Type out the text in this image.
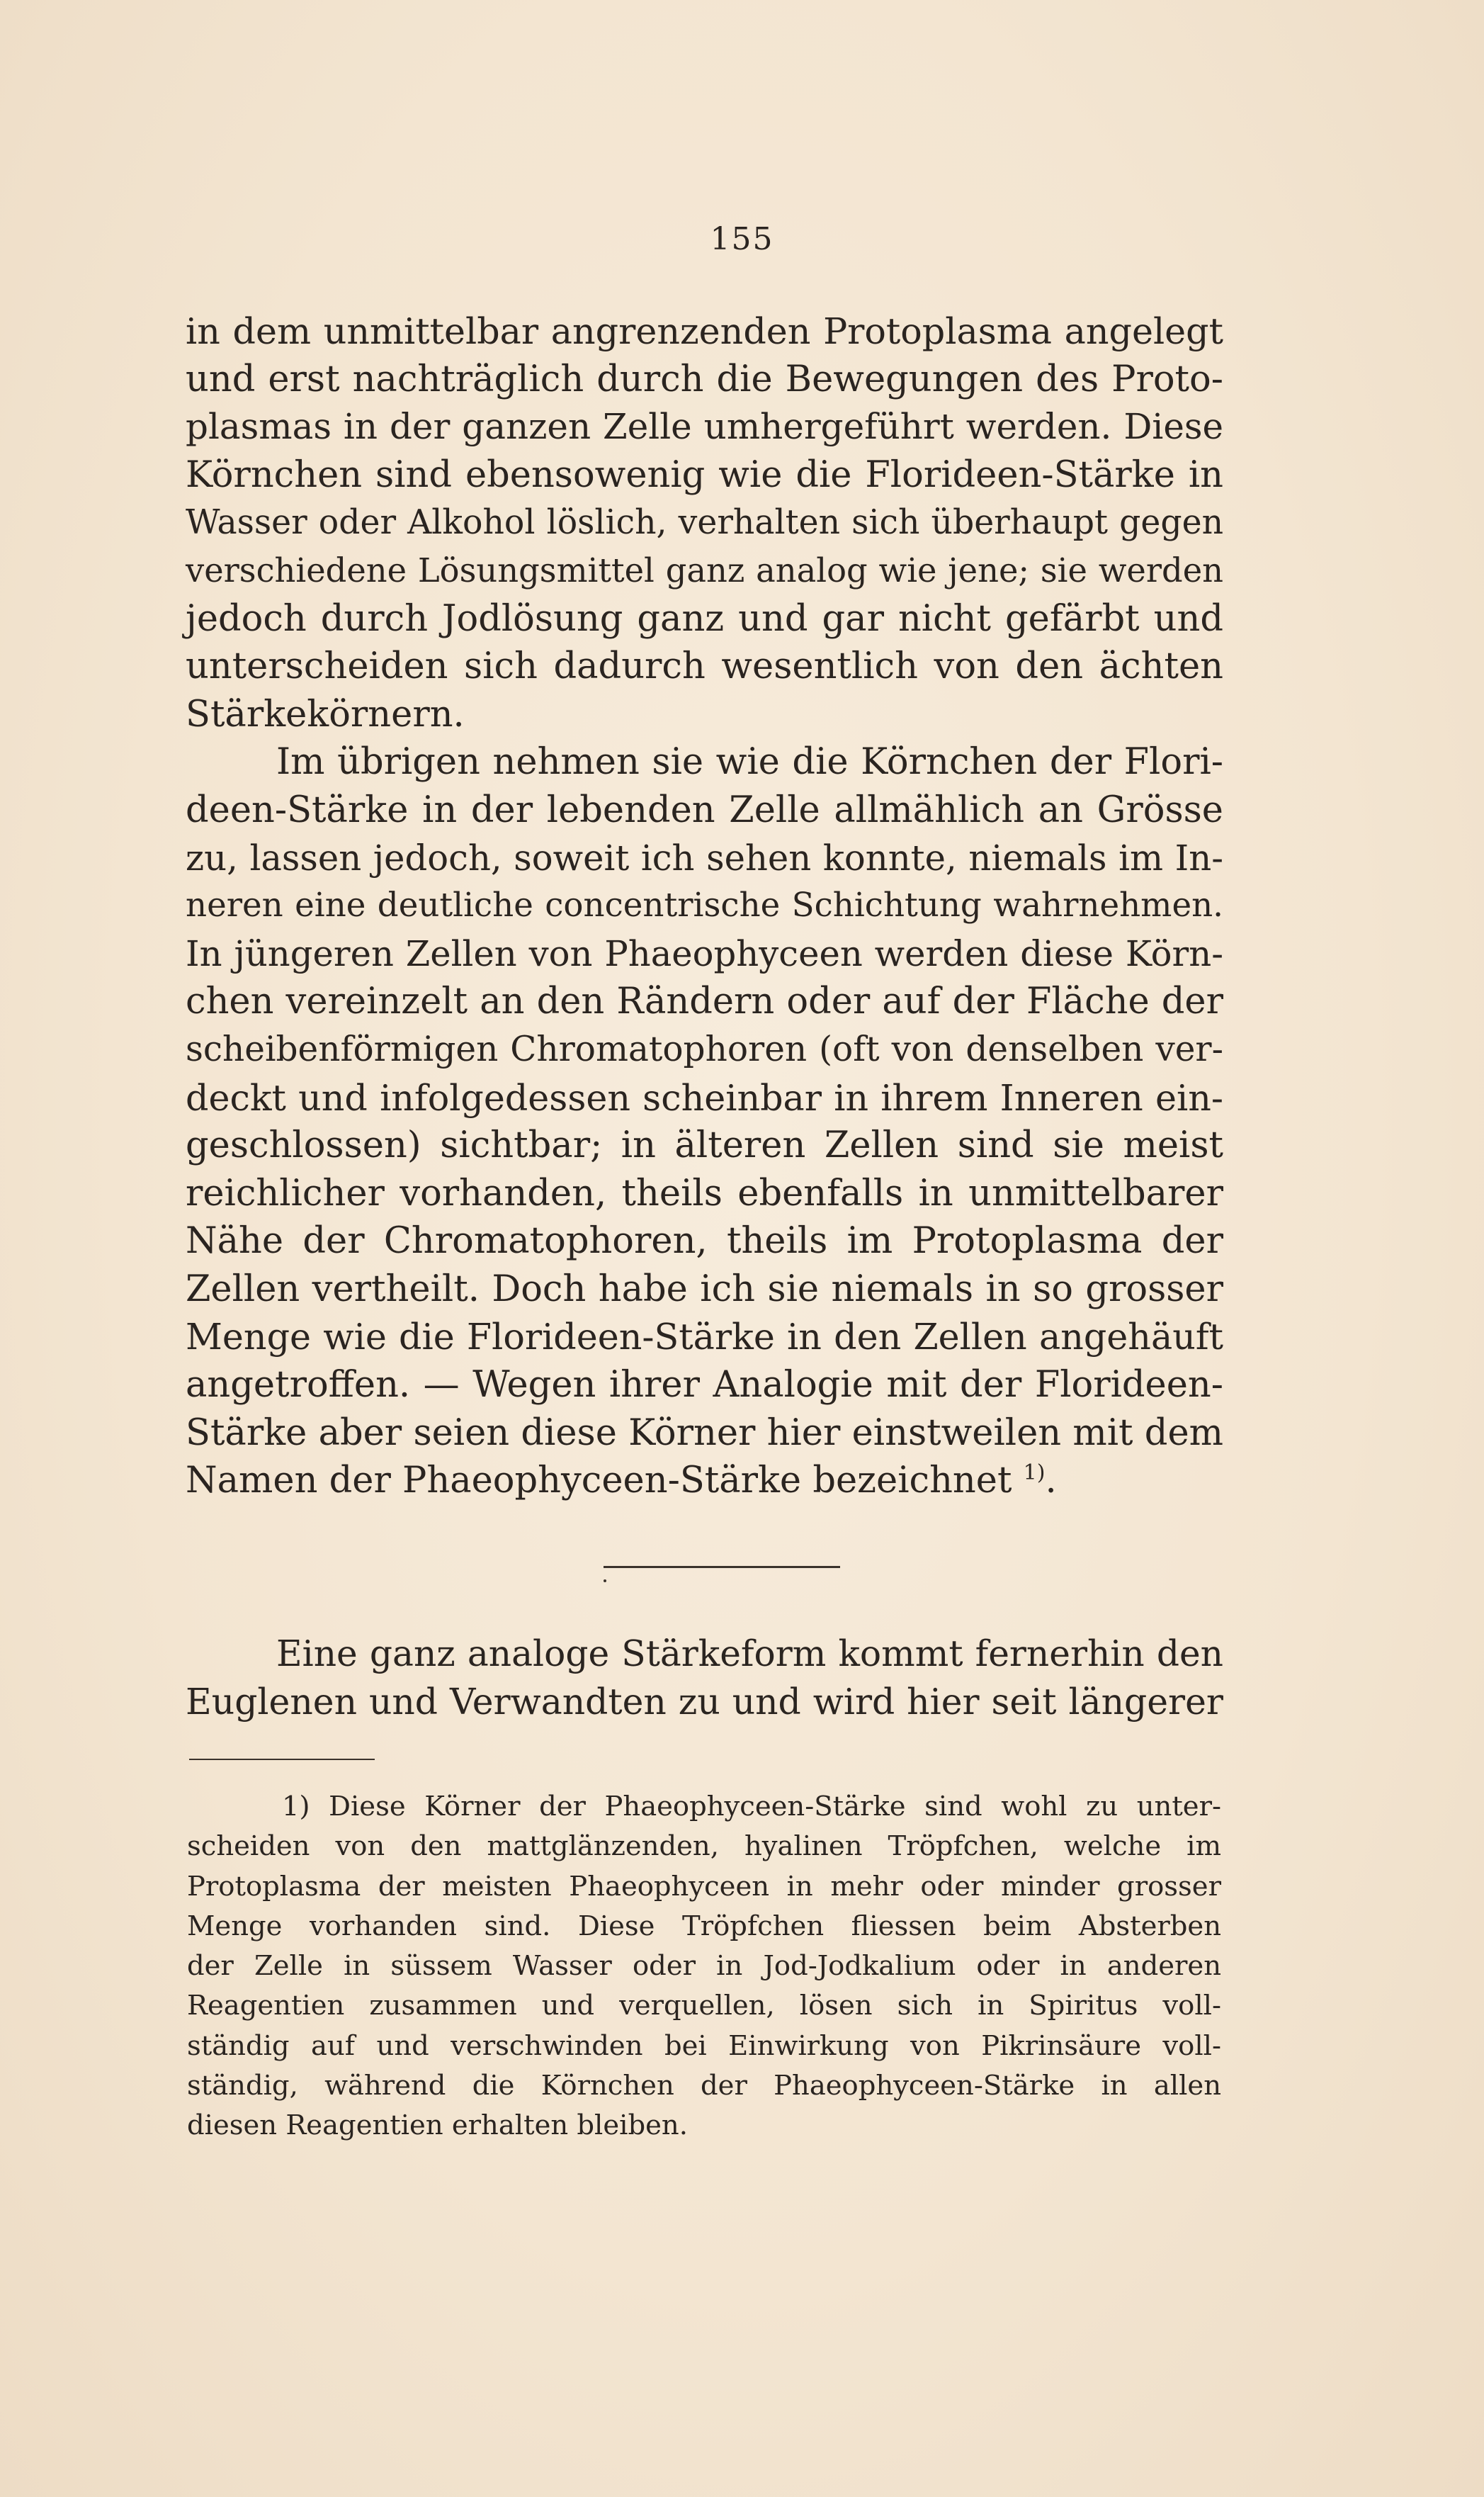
155
in dem unmittelbar angrenzenden Protoplasma angelegt
und erst nachträglich durch die Bewegungen des Proto-
plasmas in der ganzen Zelle umhergeführt werden. Diese
Körnchen sind ebensowenig wie die Florideen-Stärke in
Wasser oder Alkohol löslich, verhalten sich überhaupt gegen
verschiedene Lösungsmittel ganz analog wie jene; sie werden
jedoch durch Jodlösung ganz und gar nicht gefärbt und
unterscheiden sich dadurch wesentlich von den ächten
Stärkekörnern.
Im übrigen nehmen sie wie die Körnchen der Flori-
deen-Stärke in der lebenden Zelle allmählich an Grösse
zu, lassen jedoch, soweit ich sehen konnte, niemals im In-
neren eine deutliche concentrische Schichtung wahrnehmen.
In jüngeren Zellen von Phaeophyceen werden diese Körn-
chen vereinzelt an den Rändern oder auf der Fläche der
scheibenförmigen Chromatophoren (oft von denselben ver-
deckt und infolgedessen scheinbar in ihrem Inneren ein-
geschlossen) sichtbar; in älteren Zellen sind sie meist
reichlicher vorhanden, theils ebenfalls in unmittelbarer
Nähe der Chromatophoren, theils im Protoplasma der
Zellen vertheilt. Doch habe ich sie niemals in so grosser
Menge wie die Florideen-Stärke in den Zellen angehäuft
angetroffen. — Wegen ihrer Analogie mit der Florideen-
Stärke aber seien diese Körner hier einstweilen mit dem
Namen der Phaeophyceen-Stärke bezeichnet $^{1)}$.
Eine ganz analoge Stärkeform kommt fernerhin den
Euglenen und Verwandten zu und wird hier seit längerer
1) Diese Körner der Phaeophyceen-Stärke sind wohl zu unter-
scheiden von den mattglänzenden, hyalinen Tröpfchen, welche im
Protoplasma der meisten Phaeophyceen in mehr oder minder grosser
Menge vorhanden sind. Diese Tröpfchen fliessen beim Absterben
der Zelle in süssem Wasser oder in Jod-Jodkalium oder in anderen
Reagentien zusammen und verquellen, lösen sich in Spiritus voll-
ständig auf und verschwinden bei Einwirkung von Pikrinsäure voll-
ständig, während die Körnchen der Phaeophyceen-Stärke in allen
diesen Reagentien erhalten bleiben.
